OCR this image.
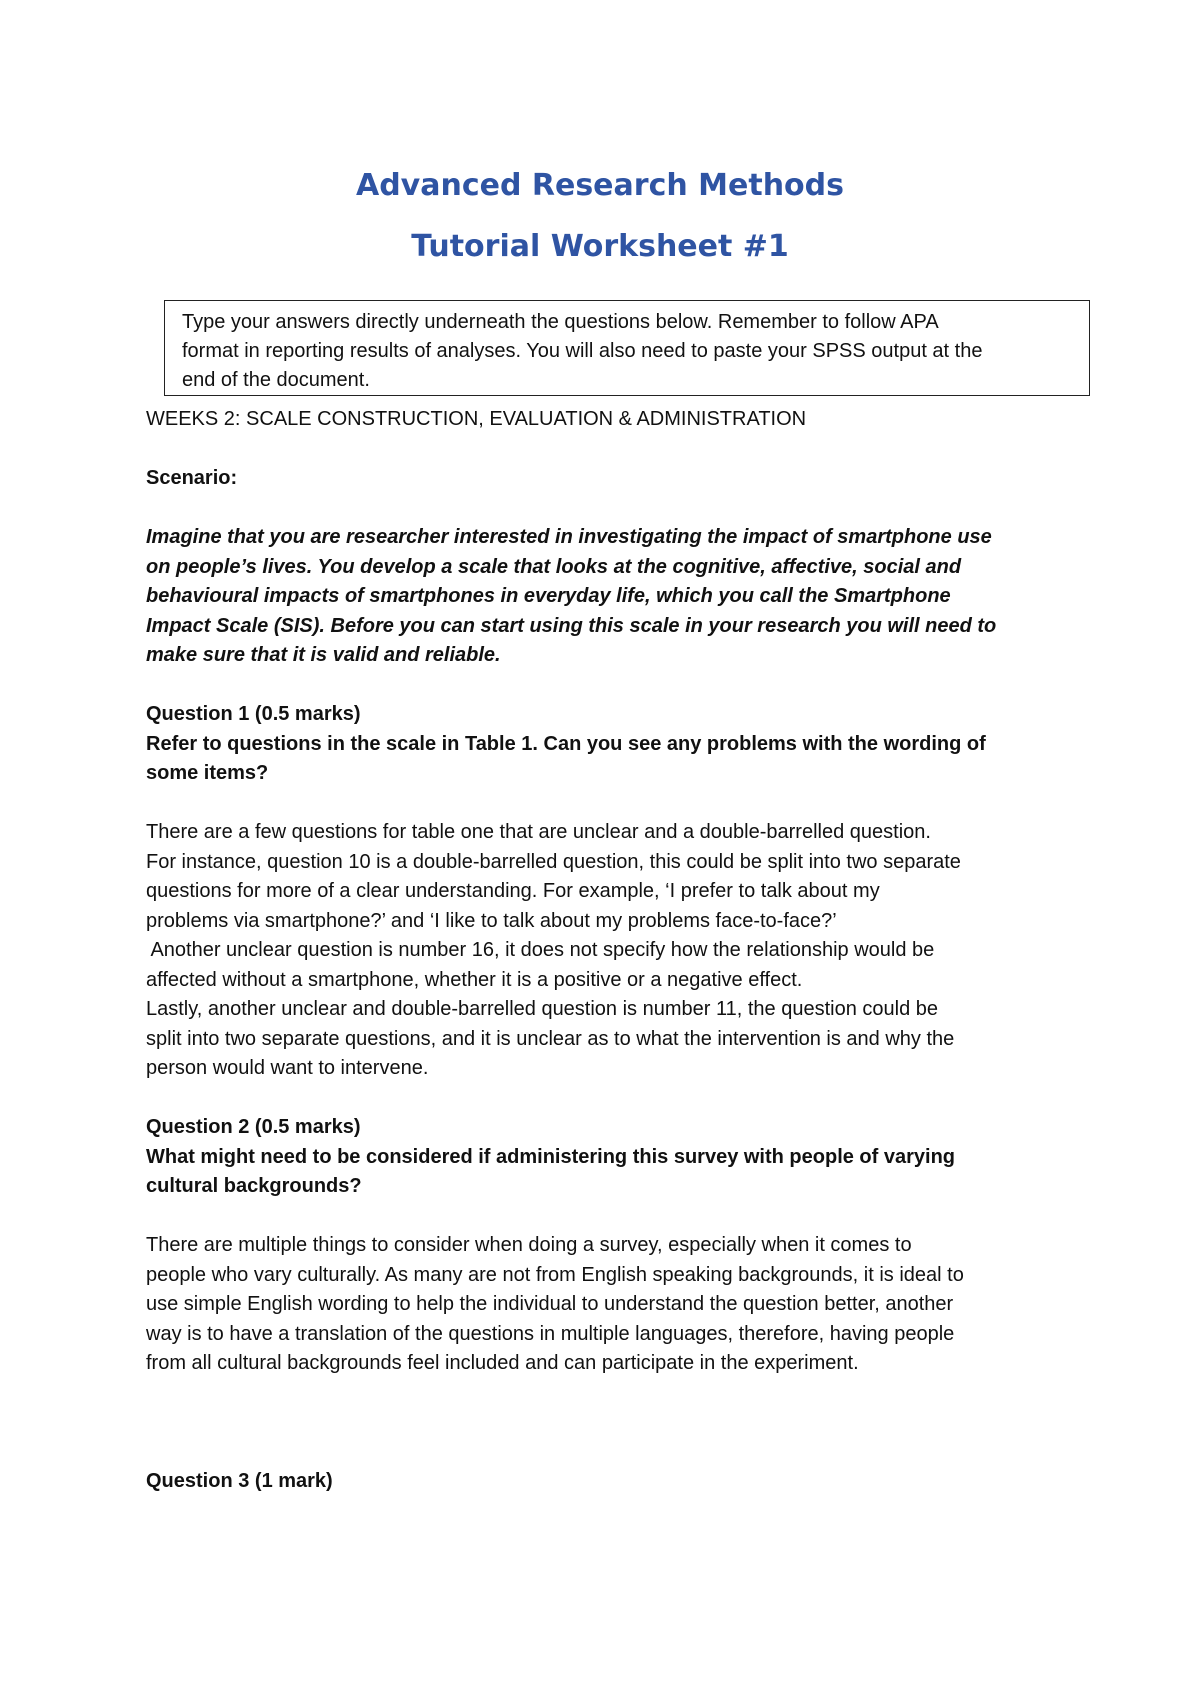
Advanced Research Methods
Tutorial Worksheet #1
Type your answers directly underneath the questions below. Remember to follow APA
format in reporting results of analyses. You will also need to paste your SPSS output at the
end of the document.

WEEKS 2: SCALE CONSTRUCTION, EVALUATION & ADMINISTRATION

Scenario:

Imagine that you are researcher interested in investigating the impact of smartphone use
on people’s lives. You develop a scale that looks at the cognitive, affective, social and
behavioural impacts of smartphones in everyday life, which you call the Smartphone
Impact Scale (SIS). Before you can start using this scale in your research you will need to
make sure that it is valid and reliable.

Question 1 (0.5 marks)

Refer to questions in the scale in Table 1. Can you see any problems with the wording of
some items?
There are a few questions for table one that are unclear and a double-barrelled question.
For instance, question 10 is a double-barrelled question, this could be split into two separate
questions for more of a clear understanding. For example, ‘I prefer to talk about my
problems via smartphone?’ and ‘I like to talk about my problems face-to-face?’
Another unclear question is number 16, it does not specify how the relationship would be
affected without a smartphone, whether it is a positive or a negative effect.
Lastly, another unclear and double-barrelled question is number 11, the question could be
split into two separate questions, and it is unclear as to what the intervention is and why the
person would want to intervene.

Question 2 (0.5 marks)

What might need to be considered if administering this survey with people of varying
cultural backgrounds?
There are multiple things to consider when doing a survey, especially when it comes to
people who vary culturally. As many are not from English speaking backgrounds, it is ideal to
use simple English wording to help the individual to understand the question better, another
way is to have a translation of the questions in multiple languages, therefore, having people
from all cultural backgrounds feel included and can participate in the experiment.

Question 3 (1 mark)
